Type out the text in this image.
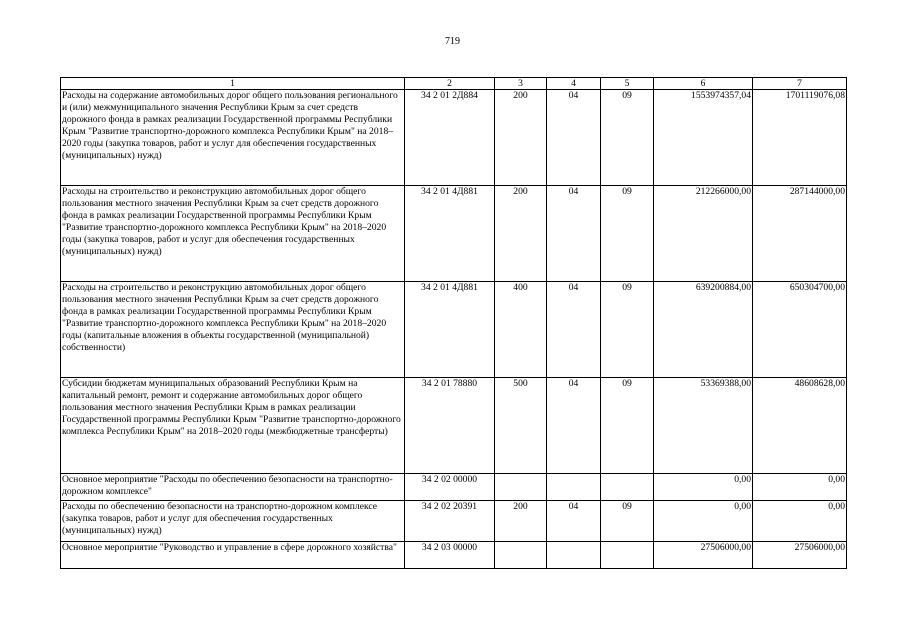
719
1	2	3	4	5	6	7
Расходы на содержание автомобильных дорог общего пользования регионального и (или) межмуниципального значения Республики Крым за счет средств дорожного фонда в рамках реализации Государственной программы Республики Крым "Развитие транспортно-дорожного комплекса Республики Крым" на 2018–2020 годы (закупка товаров, работ и услуг для обеспечения государственных (муниципальных) нужд)	34 2 01 2Д884	200	04	09	1553974357,04	1701119076,08
Расходы на строительство и реконструкцию автомобильных дорог общего пользования местного значения Республики Крым за счет средств дорожного фонда в рамках реализации Государственной программы Республики Крым "Развитие транспортно-дорожного комплекса Республики Крым" на 2018–2020 годы (закупка товаров, работ и услуг для обеспечения государственных (муниципальных) нужд)	34 2 01 4Д881	200	04	09	212266000,00	287144000,00
Расходы на строительство и реконструкцию автомобильных дорог общего пользования местного значения Республики Крым за счет средств дорожного фонда в рамках реализации Государственной программы Республики Крым "Развитие транспортно-дорожного комплекса Республики Крым" на 2018–2020 годы (капитальные вложения в объекты государственной (муниципальной) собственности)	34 2 01 4Д881	400	04	09	639200884,00	650304700,00
Субсидии бюджетам муниципальных образований Республики Крым на капитальный ремонт, ремонт и содержание автомобильных дорог общего пользования местного значения Республики Крым в рамках реализации Государственной программы Республики Крым "Развитие транспортно-дорожного комплекса Республики Крым" на 2018–2020 годы (межбюджетные трансферты)	34 2 01 78880	500	04	09	53369388,00	48608628,00
Основное мероприятие "Расходы по обеспечению безопасности на транспортно-дорожном комплексе"	34 2 02 00000				0,00	0,00
Расходы по обеспечению безопасности на транспортно-дорожном комплексе (закупка товаров, работ и услуг для обеспечения государственных (муниципальных) нужд)	34 2 02 20391	200	04	09	0,00	0,00
Основное мероприятие "Руководство и управление в сфере дорожного хозяйства"	34 2 03 00000				27506000,00	27506000,00
